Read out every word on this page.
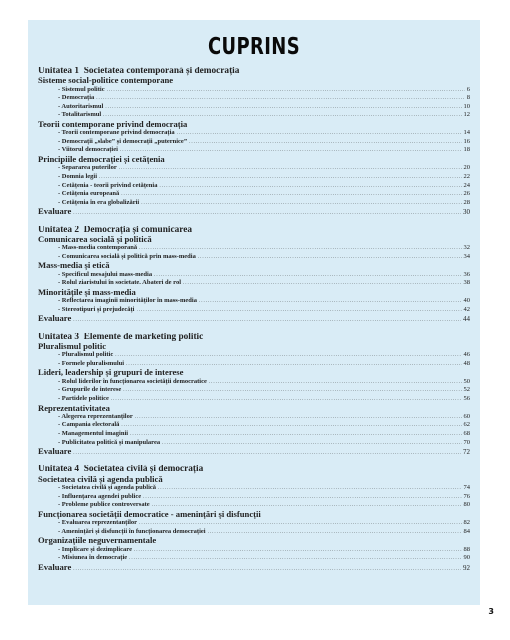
CUPRINS
Unitatea 1  Societatea contemporană și democrația
Sisteme social-politice contemporane
- Sistemul politic .....	6
- Democrația .....	8
- Autoritarismul .....	10
- Totalitarismul .....	12
Teorii contemporane privind democrația
- Teorii contemporane privind democrația .....	14
- Democrații „slabe” și democrații „puternice” .....	16
- Viitorul democrației .....	18
Principiile democrației și cetățenia
- Separarea puterilor .....	20
- Domnia legii .....	22
- Cetățenia - teorii privind cetățenia .....	24
- Cetățenia europeană .....	26
- Cetățenia în era globalizării .....	28
Evaluare .....	30
Unitatea 2  Democrația și comunicarea
Comunicarea socială și politică
- Mass-media contemporană .....	32
- Comunicarea socială și politică prin mass-media .....	34
Mass-media și etică
- Specificul mesajului mass-media .....	36
- Rolul ziaristului în societate. Abateri de rol .....	38
Minoritățile și mass-media
- Reflectarea imaginii minorităților în mass-media .....	40
- Stereotipuri și prejudecăți .....	42
Evaluare .....	44
Unitatea 3  Elemente de marketing politic
Pluralismul politic
- Pluralismul politic .....	46
- Formele pluralismului .....	48
Lideri, leadership și grupuri de interese
- Rolul liderilor în funcționarea societății democratice .....	50
- Grupurile de interese .....	52
- Partidele politice .....	56
Reprezentativitatea
- Alegerea reprezentanților .....	60
- Campania electorală .....	62
- Managementul imaginii .....	68
- Publicitatea politică și manipularea .....	70
Evaluare .....	72
Unitatea 4  Societatea civilă și democrația
Societatea civilă și agenda publică
- Societatea civilă și agenda publică .....	74
- Influențarea agendei publice .....	76
- Probleme publice controversate .....	80
Funcționarea societății democratice - amenințări și disfuncții
- Evaluarea reprezentanților .....	82
- Amenințări și disfuncții în funcționarea democrației .....	84
Organizațiile neguvernamentale
- Implicare și dezimplicare .....	88
- Misiunea în democrație .....	90
Evaluare .....	92
3
